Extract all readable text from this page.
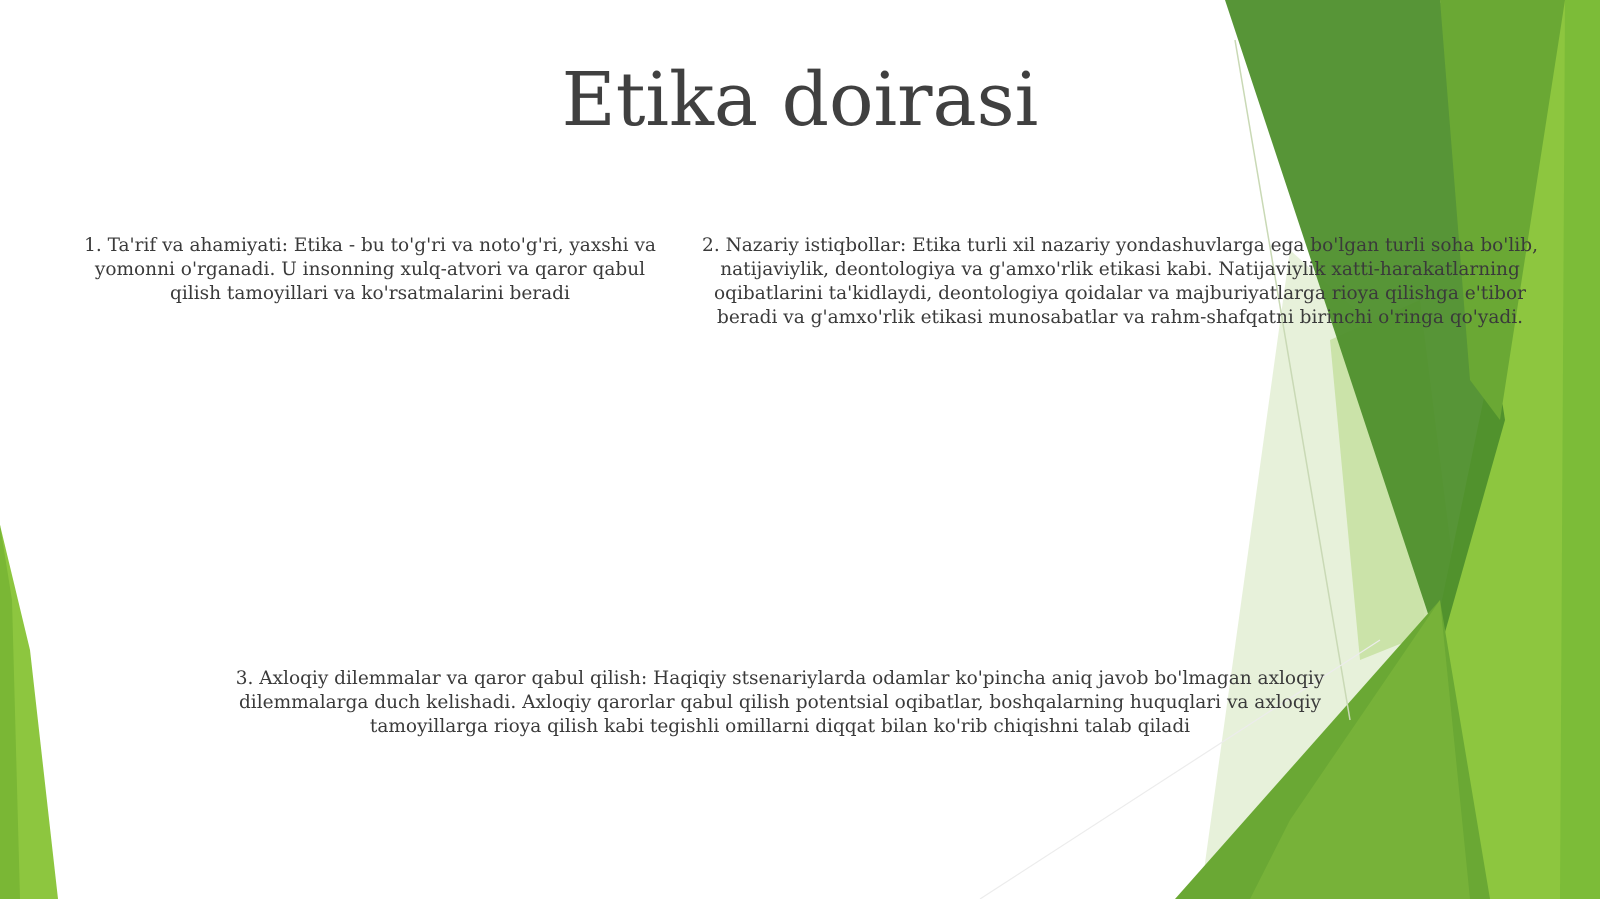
Etika doirasi

1. Ta'rif va ahamiyati: Etika - bu to'g'ri va noto'g'ri, yaxshi va yomonni o'rganadi. U insonning xulq-atvori va qaror qabul qilish tamoyillari va ko'rsatmalarini beradi

2. Nazariy istiqbollar: Etika turli xil nazariy yondashuvlarga ega bo'lgan turli soha bo'lib, natijaviylik, deontologiya va g'amxo'rlik etikasi kabi. Natijaviylik xatti-harakatlarning oqibatlarini ta'kidlaydi, deontologiya qoidalar va majburiyatlarga rioya qilishga e'tibor beradi va g'amxo'rlik etikasi munosabatlar va rahm-shafqatni birinchi o'ringa qo'yadi.

3. Axloqiy dilemmalar va qaror qabul qilish: Haqiqiy stsenariylarda odamlar ko'pincha aniq javob bo'lmagan axloqiy dilemmalarga duch kelishadi. Axloqiy qarorlar qabul qilish potentsial oqibatlar, boshqalarning huquqlari va axloqiy tamoyillarga rioya qilish kabi tegishli omillarni diqqat bilan ko'rib chiqishni talab qiladi
